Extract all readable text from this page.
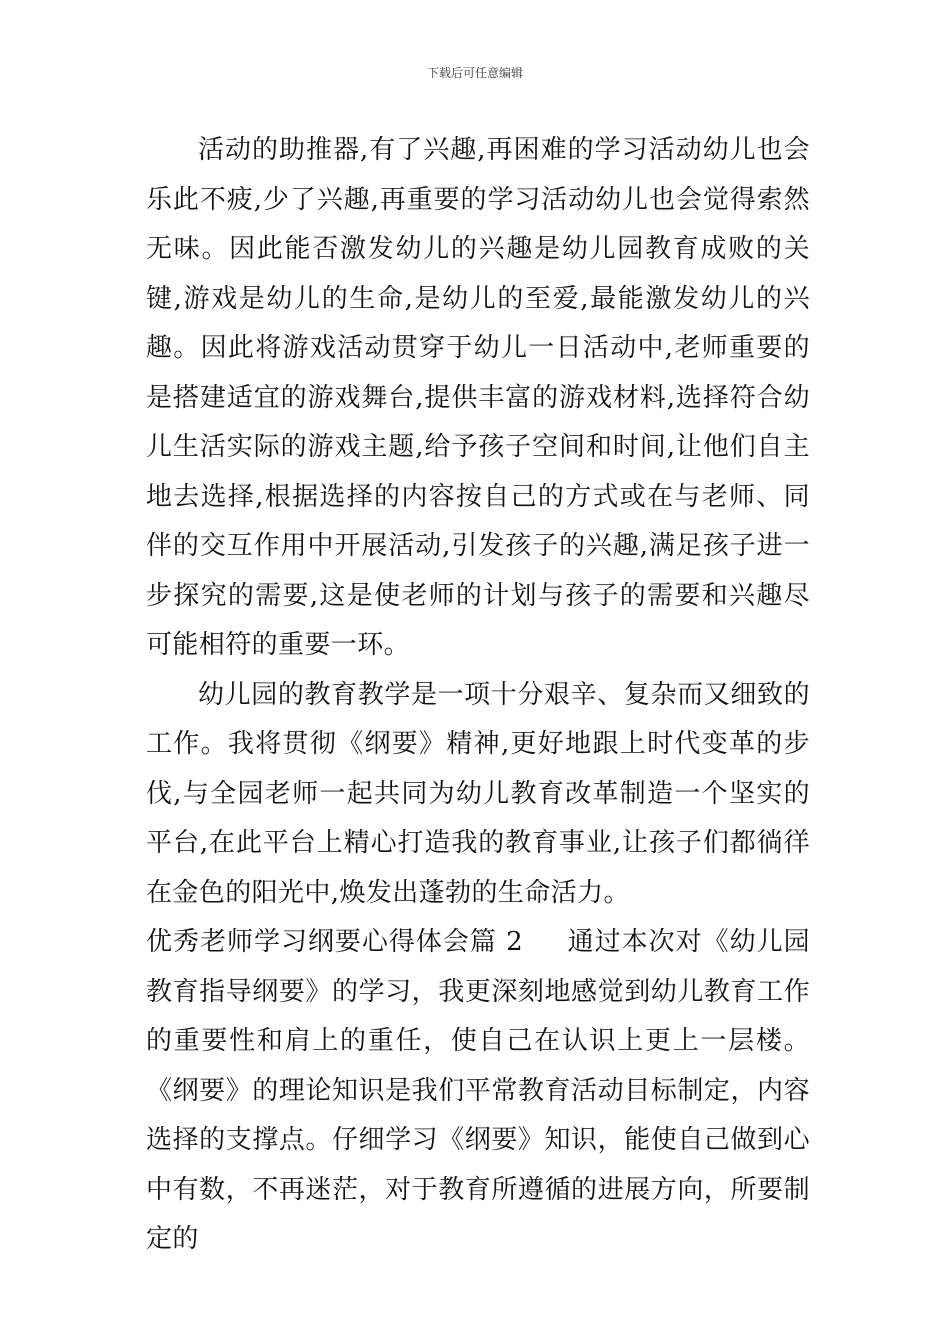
下载后可任意编辑

活动的助推器,有了兴趣,再困难的学习活动幼儿也会乐此不疲,少了兴趣,再重要的学习活动幼儿也会觉得索然无味。因此能否激发幼儿的兴趣是幼儿园教育成败的关键,游戏是幼儿的生命,是幼儿的至爱,最能激发幼儿的兴趣。因此将游戏活动贯穿于幼儿一日活动中,老师重要的是搭建适宜的游戏舞台,提供丰富的游戏材料,选择符合幼儿生活实际的游戏主题,给予孩子空间和时间,让他们自主地去选择,根据选择的内容按自己的方式或在与老师、同伴的交互作用中开展活动,引发孩子的兴趣,满足孩子进一步探究的需要,这是使老师的计划与孩子的需要和兴趣尽可能相符的重要一环。

幼儿园的教育教学是一项十分艰辛、复杂而又细致的工作。我将贯彻《纲要》精神,更好地跟上时代变革的步伐,与全园老师一起共同为幼儿教育改革制造一个坚实的平台,在此平台上精心打造我的教育事业,让孩子们都徜徉在金色的阳光中,焕发出蓬勃的生命活力。

优秀老师学习纲要心得体会篇 2 通过本次对《幼儿园教育指导纲要》的学习，我更深刻地感觉到幼儿教育工作的重要性和肩上的重任，使自己在认识上更上一层楼。《纲要》的理论知识是我们平常教育活动目标制定，内容选择的支撑点。仔细学习《纲要》知识，能使自己做到心中有数，不再迷茫，对于教育所遵循的进展方向，所要制定的
